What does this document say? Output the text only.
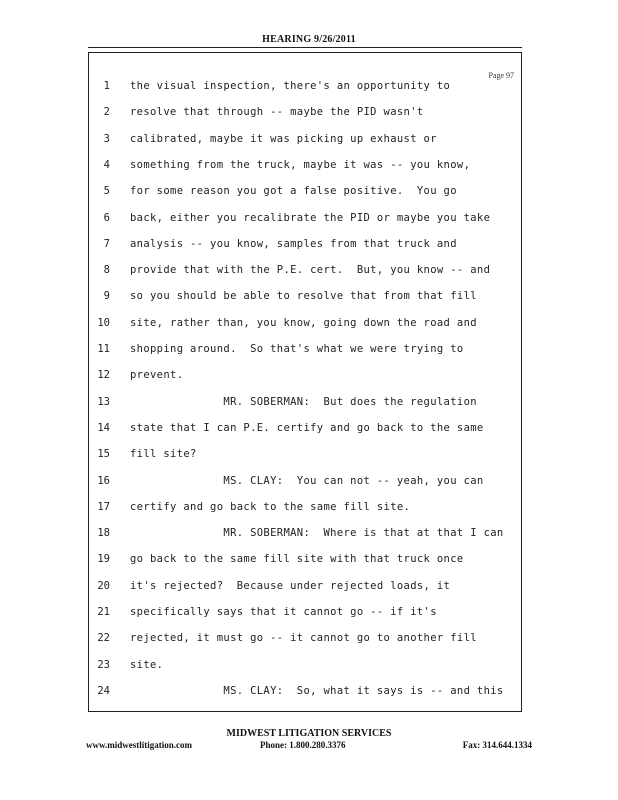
HEARING 9/26/2011
Page 97
1 the visual inspection, there's an opportunity to
2 resolve that through -- maybe the PID wasn't
3 calibrated, maybe it was picking up exhaust or
4 something from the truck, maybe it was -- you know,
5 for some reason you got a false positive.  You go
6 back, either you recalibrate the PID or maybe you take
7 analysis -- you know, samples from that truck and
8 provide that with the P.E. cert.  But, you know -- and
9 so you should be able to resolve that from that fill
10 site, rather than, you know, going down the road and
11 shopping around.  So that's what we were trying to
12 prevent.
13 MR. SOBERMAN:  But does the regulation
14 state that I can P.E. certify and go back to the same
15 fill site?
16 MS. CLAY:  You can not -- yeah, you can
17 certify and go back to the same fill site.
18 MR. SOBERMAN:  Where is that at that I can
19 go back to the same fill site with that truck once
20 it's rejected?  Because under rejected loads, it
21 specifically says that it cannot go -- if it's
22 rejected, it must go -- it cannot go to another fill
23 site.
24 MS. CLAY:  So, what it says is -- and this
MIDWEST LITIGATION SERVICES
www.midwestlitigation.com	Phone: 1.800.280.3376	Fax: 314.644.1334
